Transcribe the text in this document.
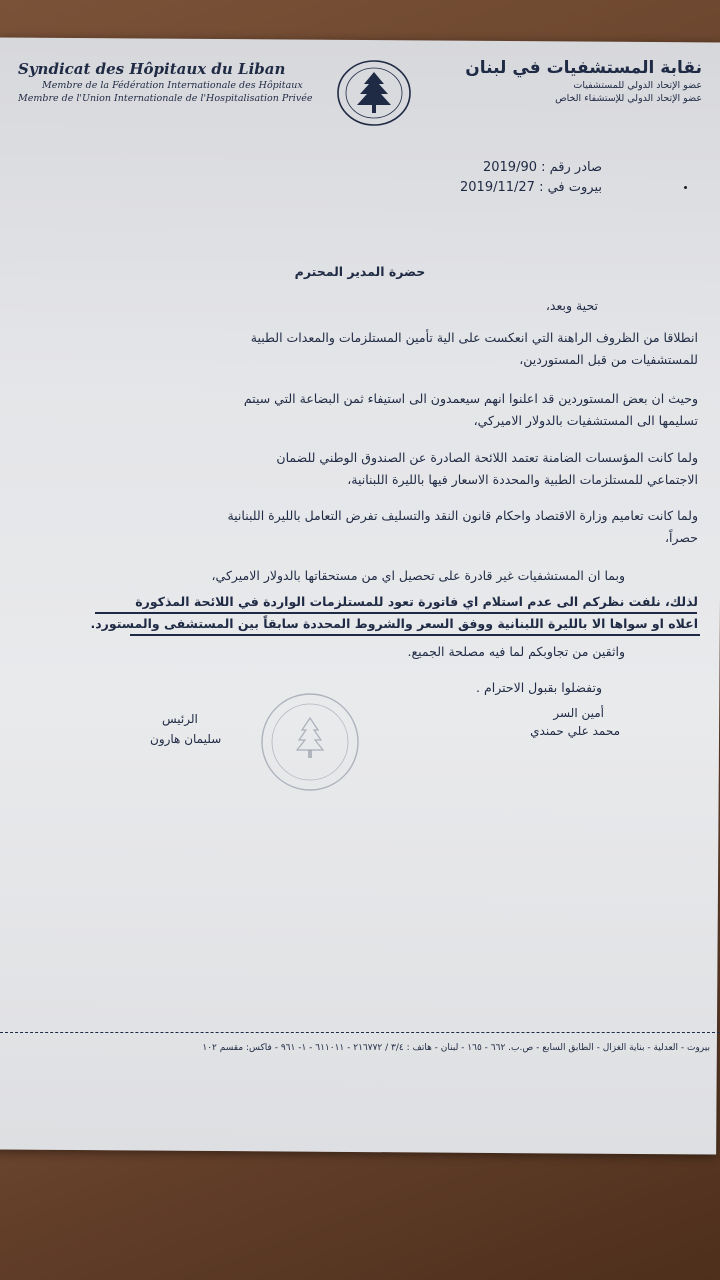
Syndicat des Hôpitaux du Liban
Membre de la Fédération Internationale des Hôpitaux
Membre de l'Union Internationale de l'Hospitalisation Privée
نقابة المستشفيات في لبنان
عضو الإتحاد الدولي للمستشفيات
عضو الإتحاد الدولي للإستشفاء الخاص
صادر رقم : 2019/90
بيروت في : 2019/11/27
حضرة المدير المحترم
تحية وبعد،
انطلاقا من الظروف الراهنة التي انعكست على الية تأمين المستلزمات والمعدات الطبية
للمستشفيات من قبل المستوردين،
وحيث ان بعض المستوردين قد اعلنوا انهم سيعمدون الى استيفاء ثمن البضاعة التي سيتم
تسليمها الى المستشفيات بالدولار الاميركي،
ولما كانت المؤسسات الضامنة تعتمد اللائحة الصادرة عن الصندوق الوطني للضمان
الاجتماعي للمستلزمات الطبية والمحددة الاسعار فيها بالليرة اللبنانية،
ولما كانت تعاميم وزارة الاقتصاد واحكام قانون النقد والتسليف تفرض التعامل بالليرة اللبنانية
حصراً،
وبما ان المستشفيات غير قادرة على تحصيل اي من مستحقاتها بالدولار الاميركي،
لذلك، نلفت نظركم الى عدم استلام اي فاتورة تعود للمستلزمات الواردة في اللائحة المذكورة
اعلاه او سواها الا بالليرة اللبنانية ووفق السعر والشروط المحددة سابقاً بين المستشفى والمستورد.
واثقين من تجاوبكم لما فيه مصلحة الجميع.
وتفضلوا بقبول الاحترام .
أمين السر
محمد علي حمندي
الرئيس
سليمان هارون
بيروت - العدلية - بناية الغزال - الطابق السابع - ص.ب. ٦٦٢ - ١٦٥ - لبنان - هاتف : ٣/٤ / ٢١٦٧٧٢ - ٦١١٠١١ - ١- ٩٦١ - فاكس: مقسم ١٠٢
